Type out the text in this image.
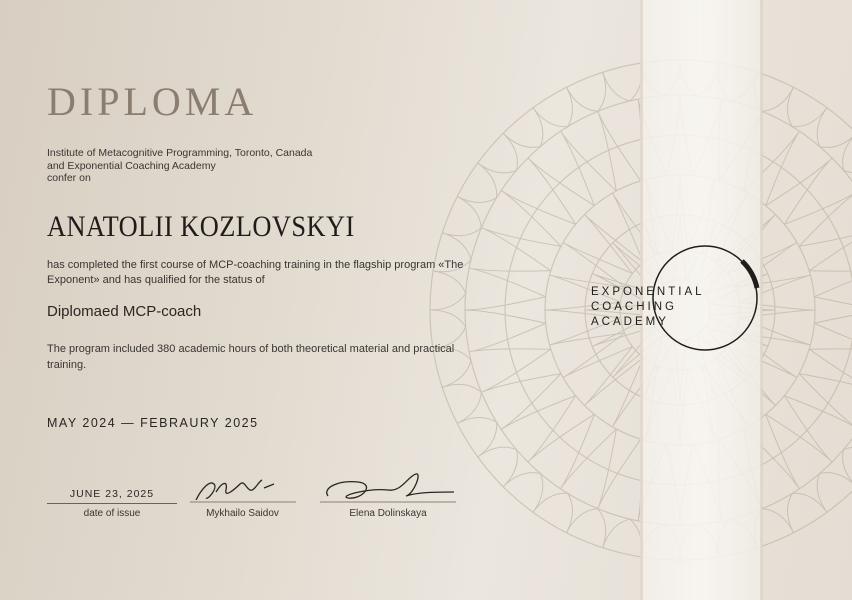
DIPLOMA
Institute of Metacognitive Programming, Toronto, Canada
and Exponential Coaching Academy
confer on
ANATOLII KOZLOVSKYI
has completed the first course of MCP-coaching training in the flagship program «The Exponent» and has qualified for the status of
Diplomaed MCP-coach
The program included 380 academic hours of both theoretical material and practical training.
MAY 2024 — FEBRAURY 2025
JUNE 23, 2025
date of issue	Mykhailo Saidov	Elena Dolinskaya
EXPONENTIAL
COACHING
ACADEMY
